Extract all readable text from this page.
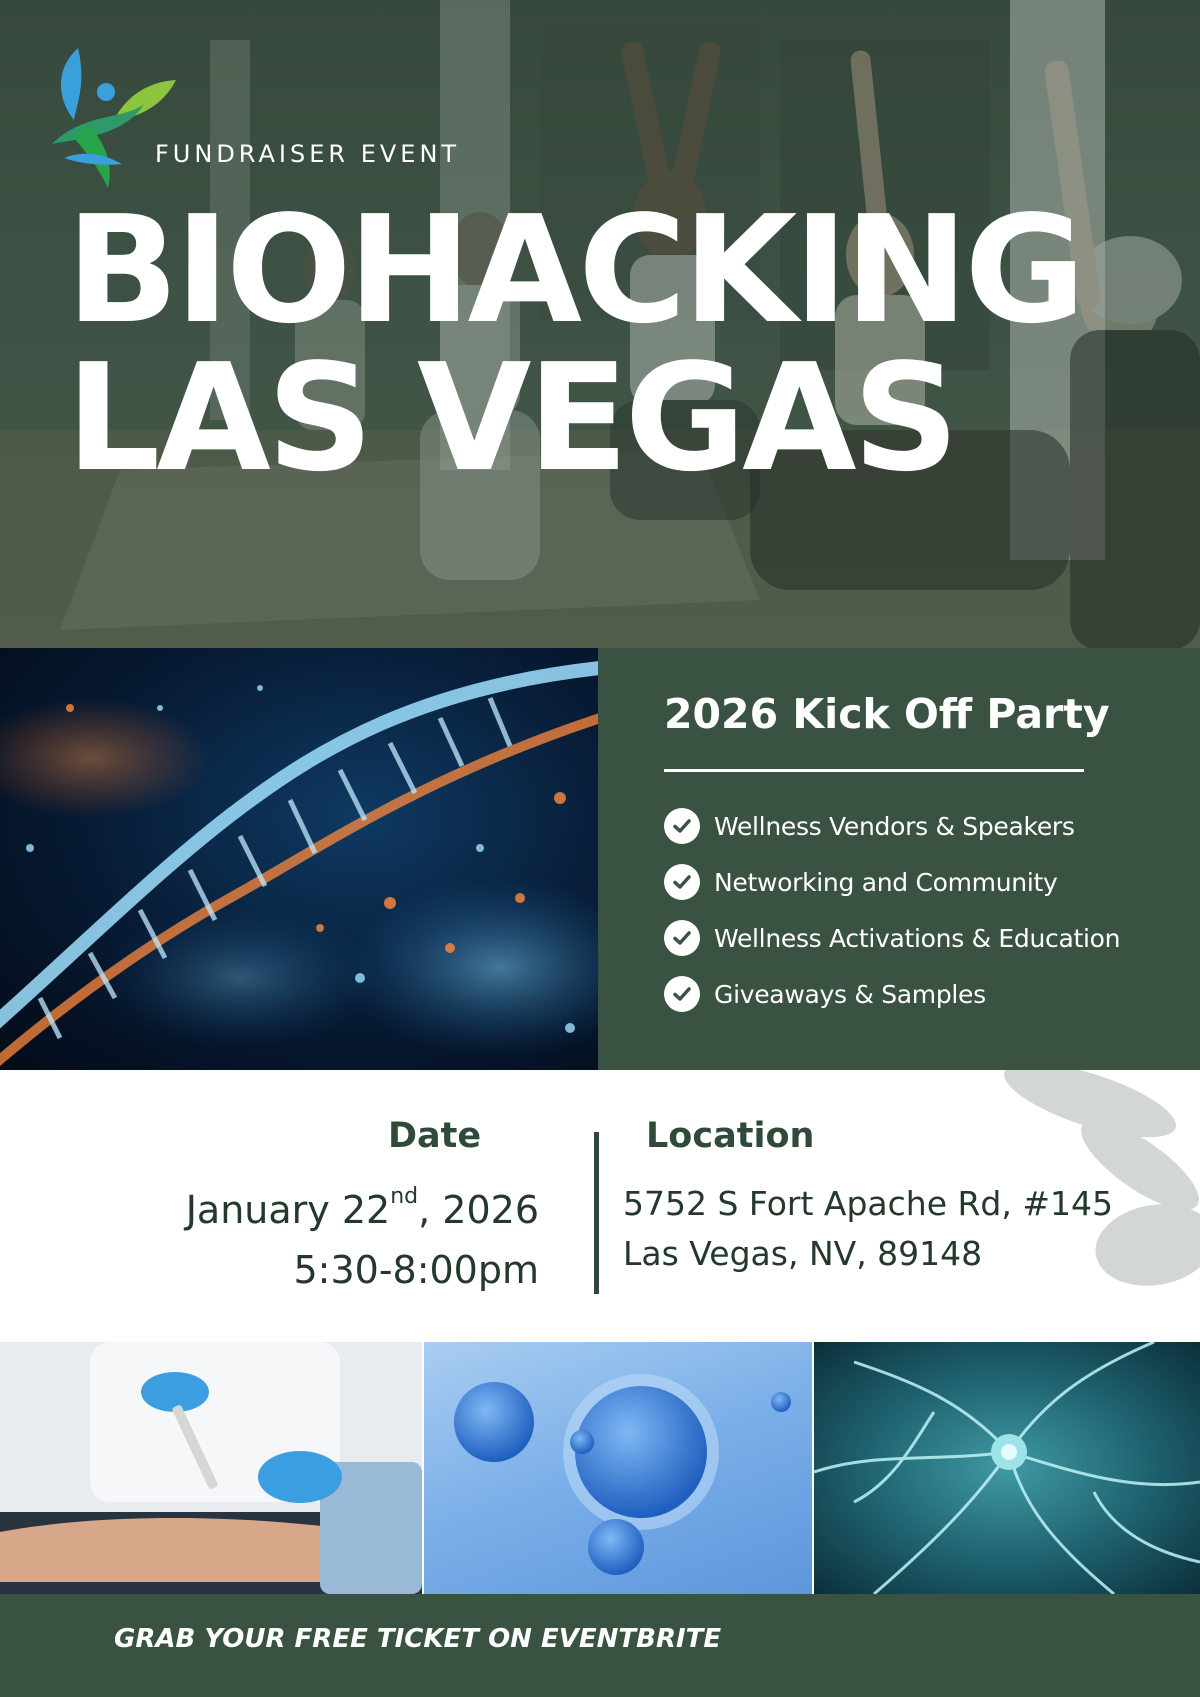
FUNDRAISER EVENT
BIOHACKING
LAS VEGAS
2026 Kick Off Party
Wellness Vendors & Speakers
Networking and Community
Wellness Activations & Education
Giveaways & Samples
Date
January 22nd, 2026
5:30-8:00pm
Location
5752 S Fort Apache Rd, #145
Las Vegas, NV, 89148
GRAB YOUR FREE TICKET ON EVENTBRITE
